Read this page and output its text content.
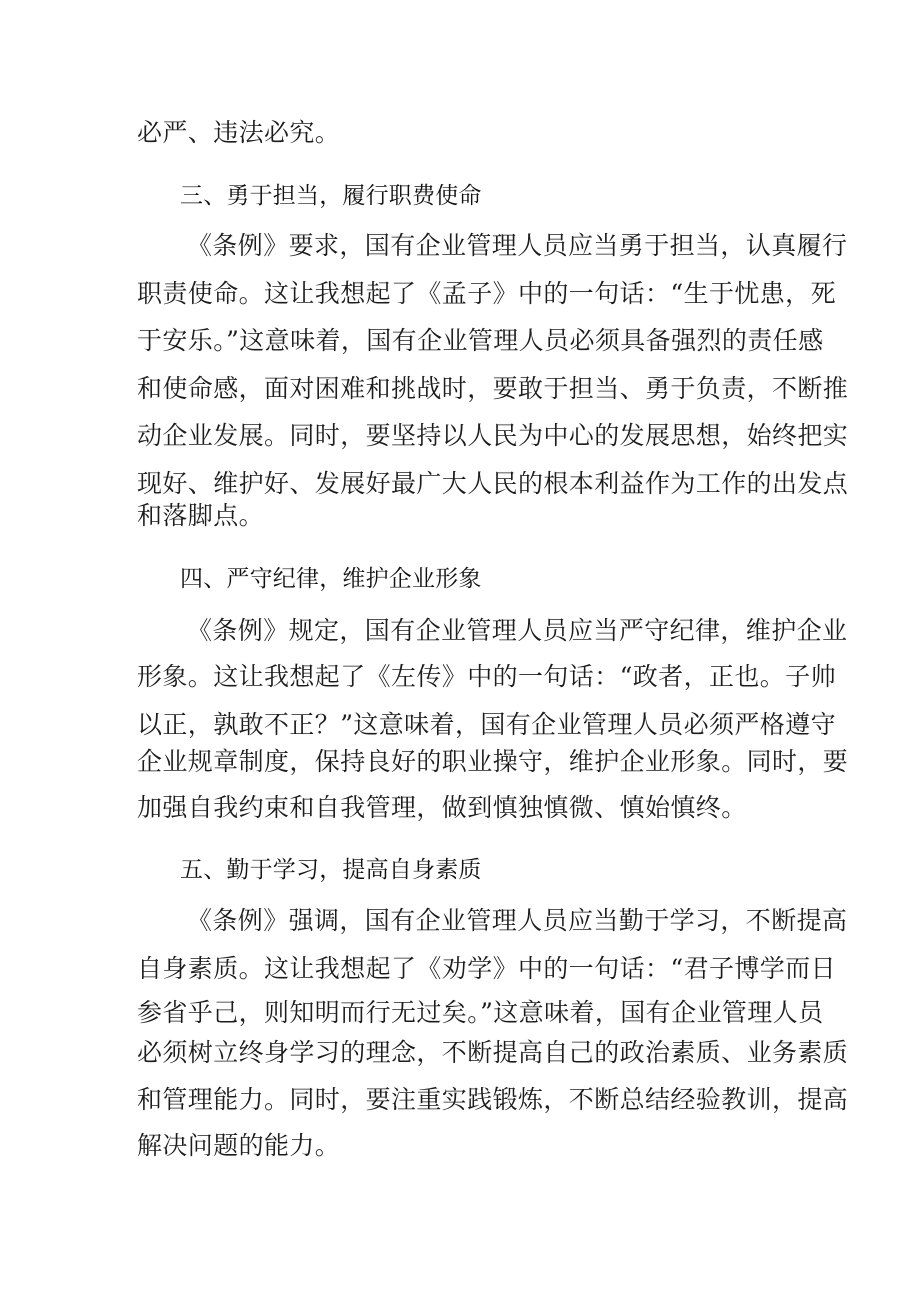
必严、违法必究。
三、勇于担当，履行职费使命
《条例》要求，国有企业管理人员应当勇于担当，认真履行
职责使命。这让我想起了《孟子》中的一句话：“生于忧患，死
于安乐。”这意味着，国有企业管理人员必须具备强烈的责任感
和使命感，面对困难和挑战时，要敢于担当、勇于负责，不断推
动企业发展。同时，要坚持以人民为中心的发展思想，始终把实
现好、维护好、发展好最广大人民的根本利益作为工作的出发点
和落脚点。
四、严守纪律，维护企业形象
《条例》规定，国有企业管理人员应当严守纪律，维护企业
形象。这让我想起了《左传》中的一句话：“政者，正也。子帅
以正，孰敢不正？”这意味着，国有企业管理人员必须严格遵守
企业规章制度，保持良好的职业操守，维护企业形象。同时，要
加强自我约束和自我管理，做到慎独慎微、慎始慎终。
五、勤于学习，提高自身素质
《条例》强调，国有企业管理人员应当勤于学习，不断提高
自身素质。这让我想起了《劝学》中的一句话：“君子博学而日
参省乎己，则知明而行无过矣。”这意味着，国有企业管理人员
必须树立终身学习的理念，不断提高自己的政治素质、业务素质
和管理能力。同时，要注重实践锻炼，不断总结经验教训，提高
解决问题的能力。
